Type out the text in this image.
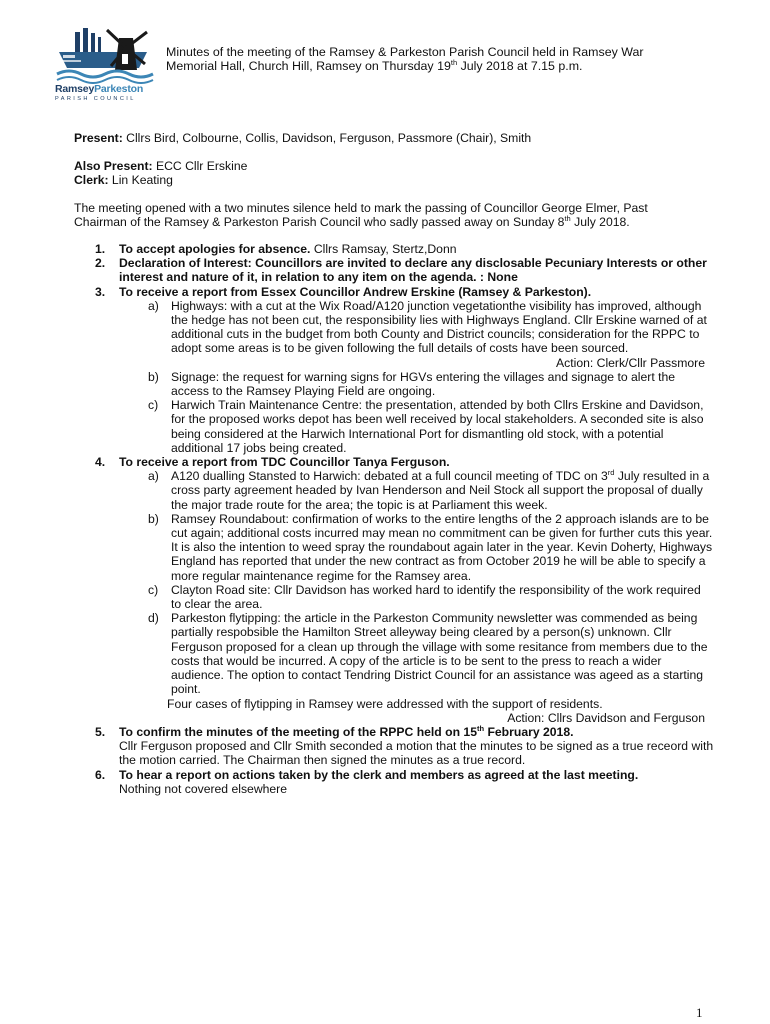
RamseyParkeston
PARISH COUNCIL
Minutes of the meeting of the Ramsey & Parkeston Parish Council held in Ramsey War
Memorial Hall, Church Hill, Ramsey on Thursday 19th July 2018 at 7.15 p.m.
Present: Cllrs Bird, Colbourne, Collis, Davidson, Ferguson, Passmore (Chair), Smith
Also Present: ECC Cllr Erskine
Clerk: Lin Keating
The meeting opened with a two minutes silence held to mark the passing of Councillor George Elmer, Past Chairman of the Ramsey & Parkeston Parish Council who sadly passed away on Sunday 8th July 2018.
1. To accept apologies for absence. Cllrs Ramsay, Stertz,Donn
2. Declaration of Interest: Councillors are invited to declare any disclosable Pecuniary Interests or other interest and nature of it, in relation to any item on the agenda. : None
3. To receive a report from Essex Councillor Andrew Erskine (Ramsey & Parkeston).
a) Highways: with a cut at the Wix Road/A120 junction vegetationthe visibility has improved, although the hedge has not been cut, the responsibility lies with Highways England. Cllr Erskine warned of at additional cuts in the budget from both County and District councils; consideration for the RPPC to adopt some areas is to be given following the full details of costs have been sourced.
Action: Clerk/Cllr Passmore
b) Signage: the request for warning signs for HGVs entering the villages and signage to alert the access to the Ramsey Playing Field are ongoing.
c) Harwich Train Maintenance Centre: the presentation, attended by both Cllrs Erskine and Davidson, for the proposed works depot has been well received by local stakeholders. A seconded site is also being considered at the Harwich International Port for dismantling old stock, with a potential additional 17 jobs being created.
4. To receive a report from TDC Councillor Tanya Ferguson.
a) A120 dualling Stansted to Harwich: debated at a full council meeting of TDC on 3rd July resulted in a cross party agreement headed by Ivan Henderson and Neil Stock all support the proposal of dually the major trade route for the area; the topic is at Parliament this week.
b) Ramsey Roundabout: confirmation of works to the entire lengths of the 2 approach islands are to be cut again; additional costs incurred may mean no commitment can be given for further cuts this year. It is also the intention to weed spray the roundabout again later in the year. Kevin Doherty, Highways England has reported that under the new contract as from October 2019 he will be able to specify a more regular maintenance regime for the Ramsey area.
c) Clayton Road site: Cllr Davidson has worked hard to identify the responsibility of the work required to clear the area.
d) Parkeston flytipping: the article in the Parkeston Community newsletter was commended as being partially respobsible the Hamilton Street alleyway being cleared by a person(s) unknown. Cllr Ferguson proposed for a clean up through the village with some resitance from members due to the costs that would be incurred. A copy of the article is to be sent to the press to reach a wider audience. The option to contact Tendring District Council for an assistance was ageed as a starting point.
Four cases of flytipping in Ramsey were addressed with the support of residents.
Action: Cllrs Davidson and Ferguson
5. To confirm the minutes of the meeting of the RPPC held on 15th February 2018.
Cllr Ferguson proposed and Cllr Smith seconded a motion that the minutes to be signed as a true receord with the motion carried. The Chairman then signed the minutes as a true record.
6. To hear a report on actions taken by the clerk and members as agreed at the last meeting.
Nothing not covered elsewhere
1
